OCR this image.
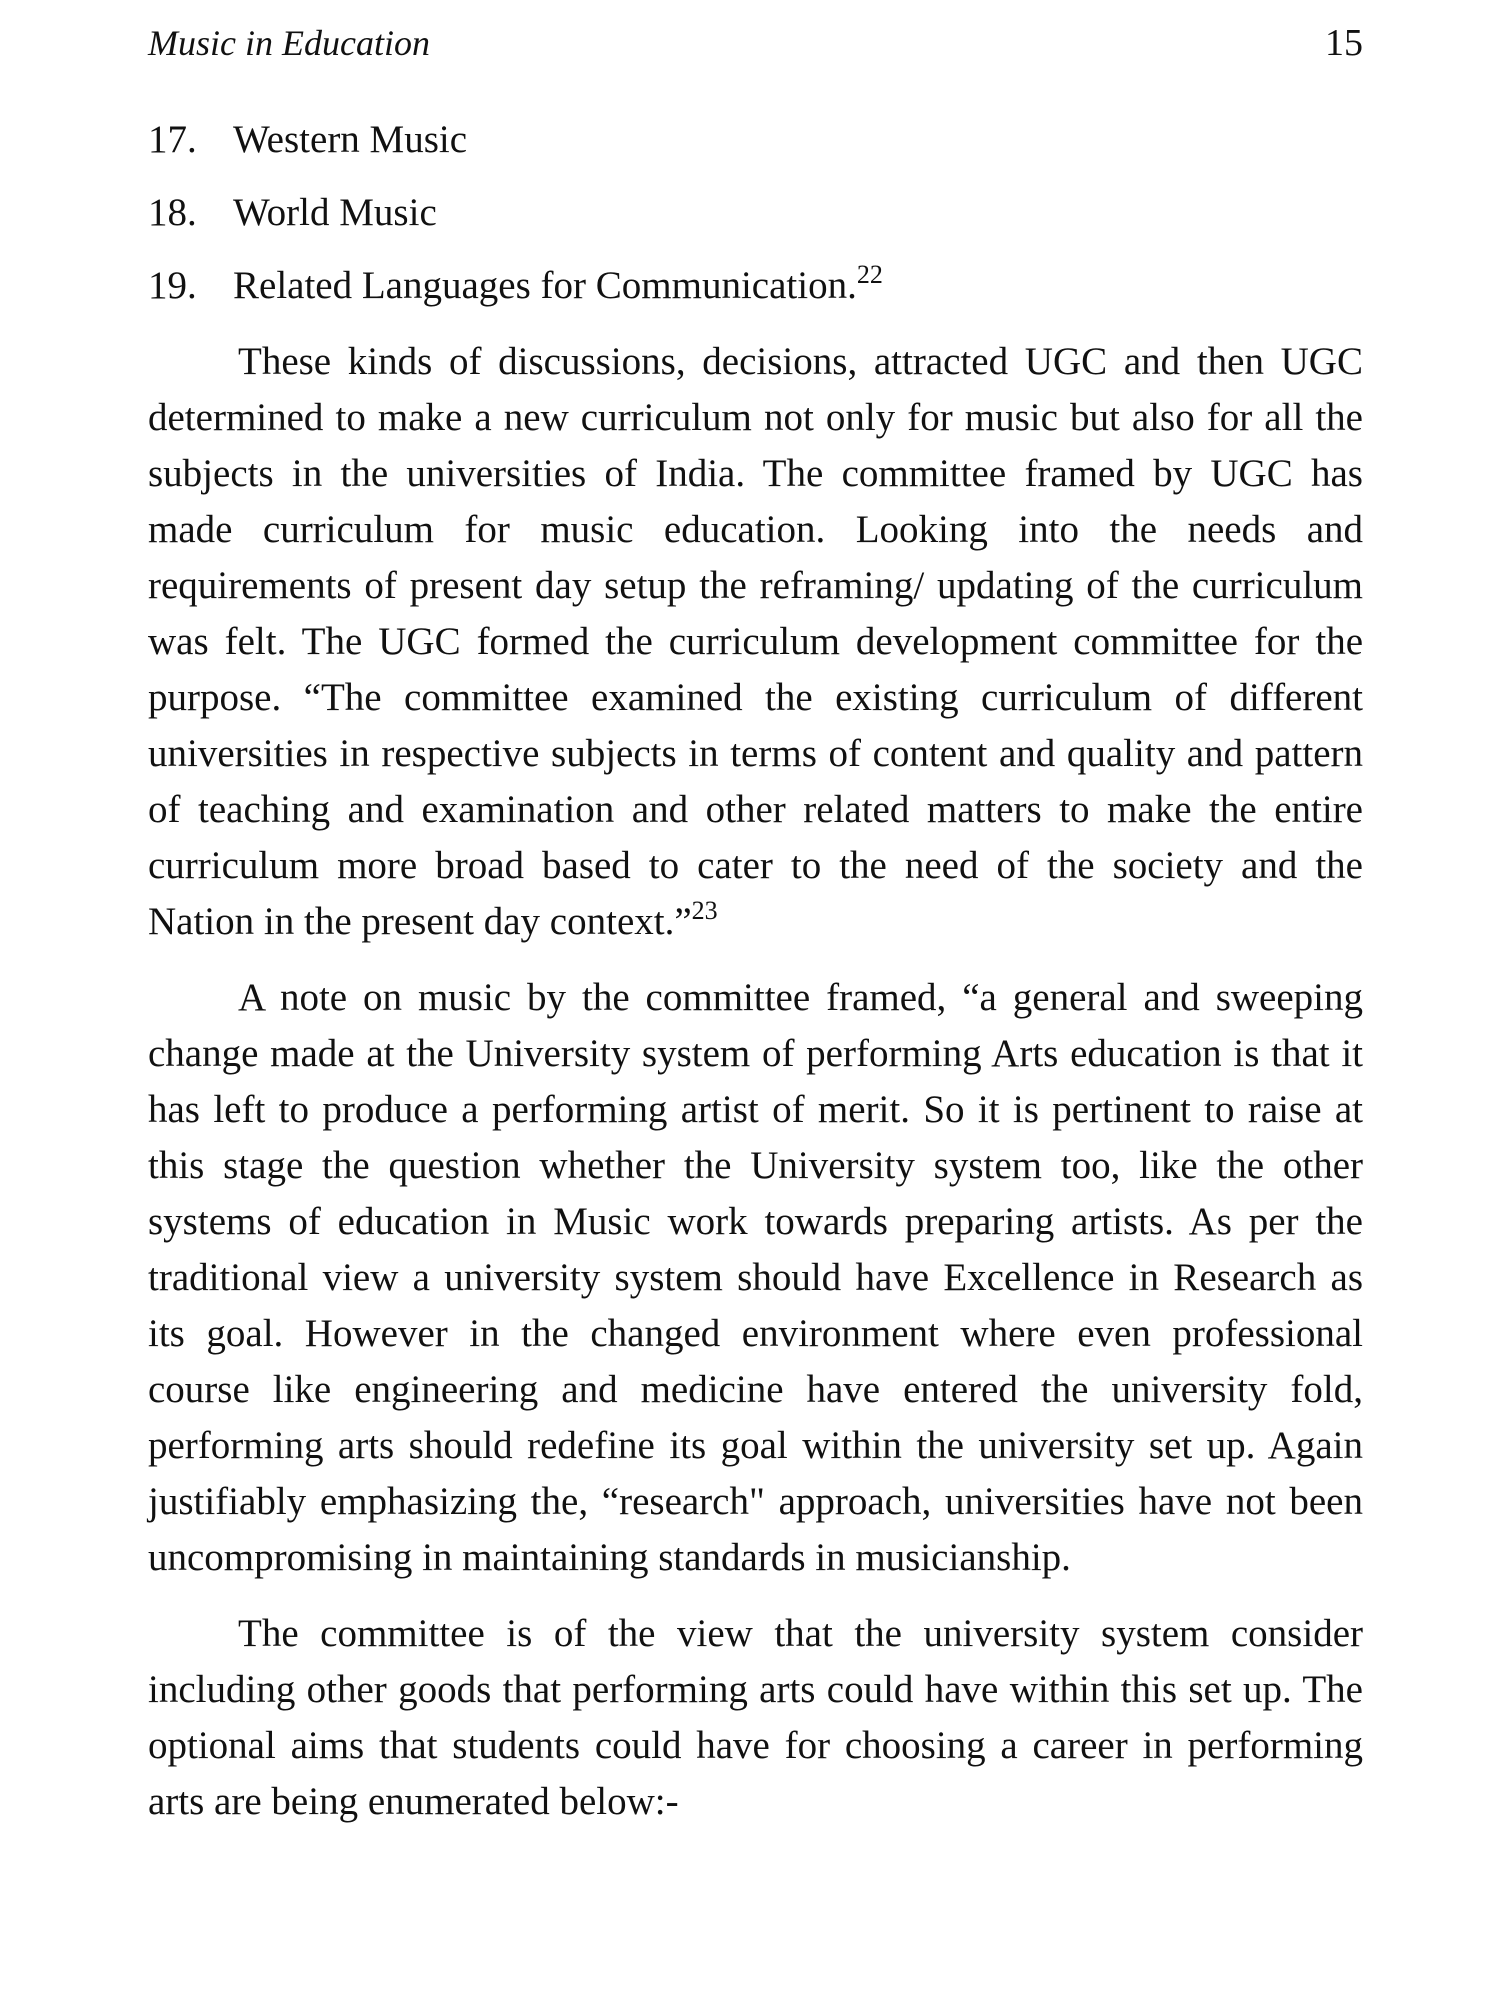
Music in Education	15
17. Western Music
18. World Music
19. Related Languages for Communication.$^{22}$

These kinds of discussions, decisions, attracted UGC and then UGC determined to make a new curriculum not only for music but also for all the subjects in the universities of India. The committee framed by UGC has made curriculum for music education. Looking into the needs and requirements of present day setup the reframing/ updating of the curriculum was felt. The UGC formed the curriculum development committee for the purpose. “The committee examined the existing curriculum of different universities in respective subjects in terms of content and quality and pattern of teaching and examination and other related matters to make the entire curriculum more broad based to cater to the need of the society and the Nation in the present day context.”$^{23}$

A note on music by the committee framed, “a general and sweeping change made at the University system of performing Arts education is that it has left to produce a performing artist of merit. So it is pertinent to raise at this stage the question whether the University system too, like the other systems of education in Music work towards preparing artists. As per the traditional view a university system should have Excellence in Research as its goal. However in the changed environment where even professional course like engineering and medicine have entered the university fold, performing arts should redefine its goal within the university set up. Again justifiably emphasizing the, “research" approach, universities have not been uncompromising in maintaining standards in musicianship.

The committee is of the view that the university system consider including other goods that performing arts could have within this set up. The optional aims that students could have for choosing a career in performing arts are being enumerated below:-
